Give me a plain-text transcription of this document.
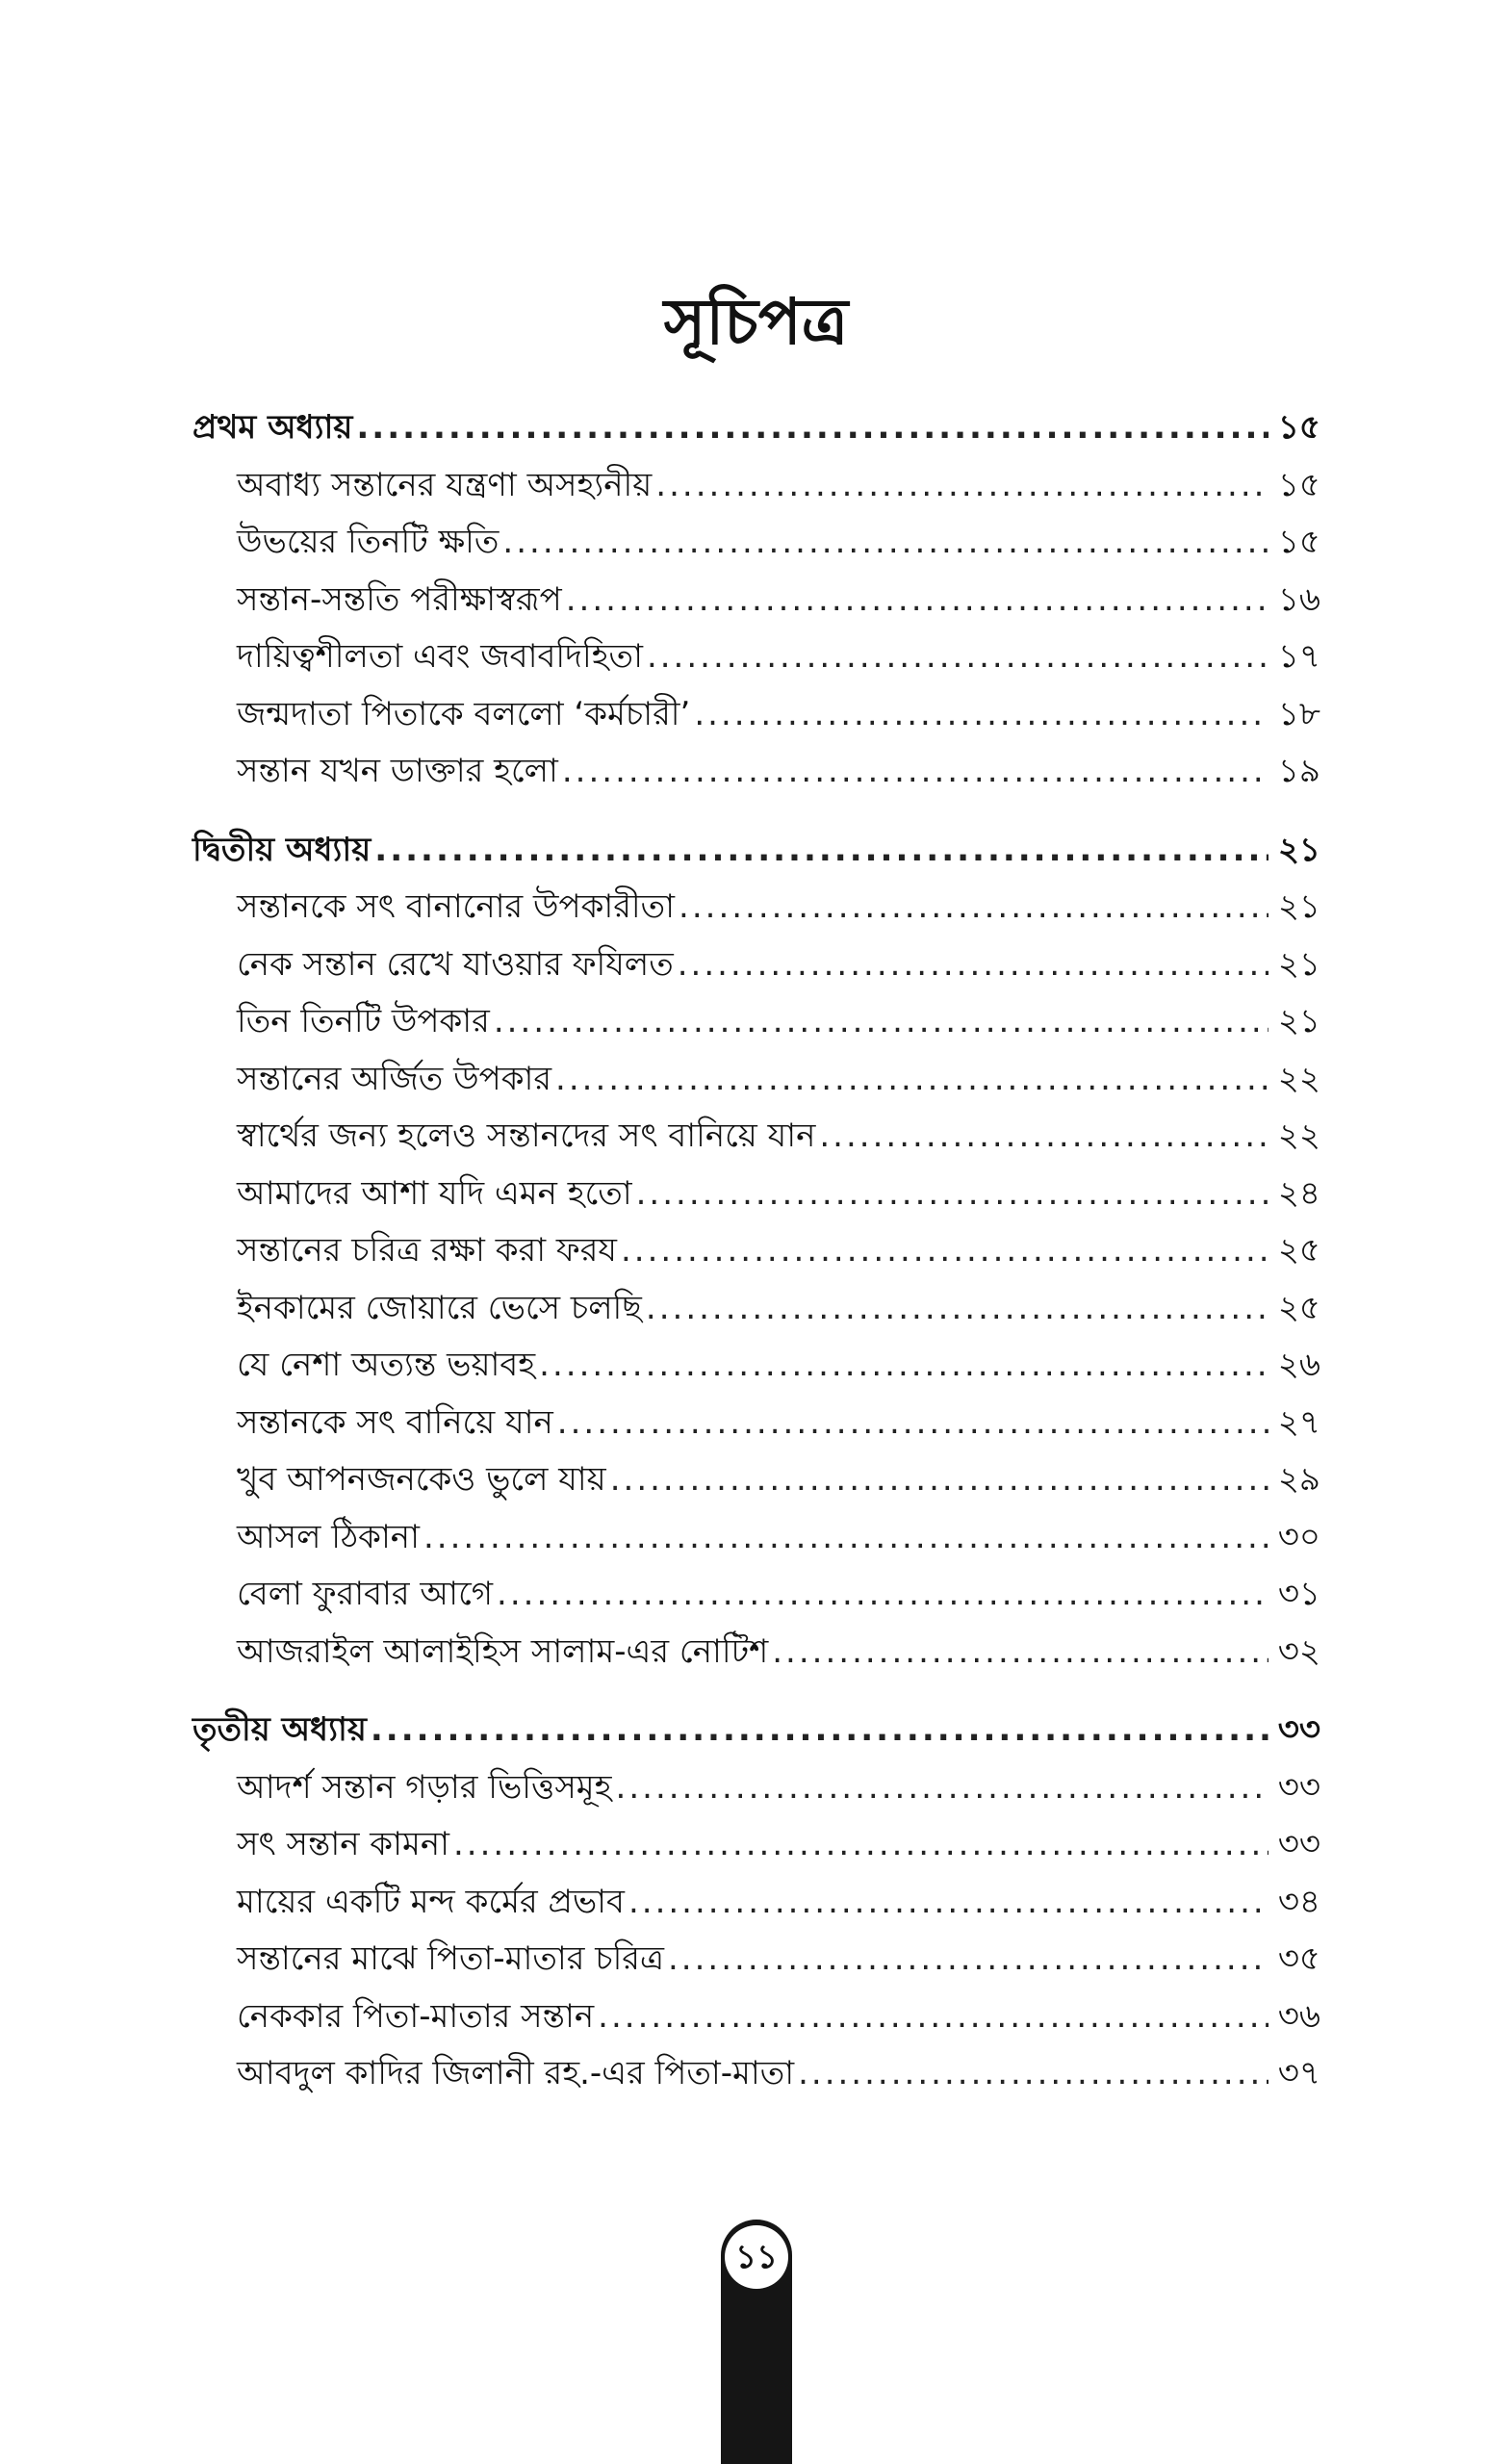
সূচিপত্র
প্রথম অধ্যায় .....	১৫
অবাধ্য সন্তানের যন্ত্রণা অসহ্যনীয় .....	১৫
উভয়ের তিনটি ক্ষতি .....	১৫
সন্তান-সন্ততি পরীক্ষাস্বরূপ .....	১৬
দায়িত্বশীলতা এবং জবাবদিহিতা .....	১৭
জন্মদাতা পিতাকে বললো ‘কর্মচারী’ .....	১৮
সন্তান যখন ডাক্তার হলো .....	১৯
দ্বিতীয় অধ্যায় .....	২১
সন্তানকে সৎ বানানোর উপকারীতা .....	২১
নেক সন্তান রেখে যাওয়ার ফযিলত .....	২১
তিন তিনটি উপকার .....	২১
সন্তানের অর্জিত উপকার .....	২২
স্বার্থের জন্য হলেও সন্তানদের সৎ বানিয়ে যান .....	২২
আমাদের আশা যদি এমন হতো .....	২৪
সন্তানের চরিত্র রক্ষা করা ফরয .....	২৫
ইনকামের জোয়ারে ভেসে চলছি .....	২৫
যে নেশা অত্যন্ত ভয়াবহ .....	২৬
সন্তানকে সৎ বানিয়ে যান .....	২৭
খুব আপনজনকেও ভুলে যায় .....	২৯
আসল ঠিকানা .....	৩০
বেলা ফুরাবার আগে .....	৩১
আজরাইল আলাইহিস সালাম-এর নোটিশ .....	৩২
তৃতীয় অধ্যায় .....	৩৩
আদর্শ সন্তান গড়ার ভিত্তিসমূহ .....	৩৩
সৎ সন্তান কামনা .....	৩৩
মায়ের একটি মন্দ কর্মের প্রভাব .....	৩৪
সন্তানের মাঝে পিতা-মাতার চরিত্র .....	৩৫
নেককার পিতা-মাতার সন্তান .....	৩৬
আবদুল কাদির জিলানী রহ.-এর পিতা-মাতা .....	৩৭
১১
